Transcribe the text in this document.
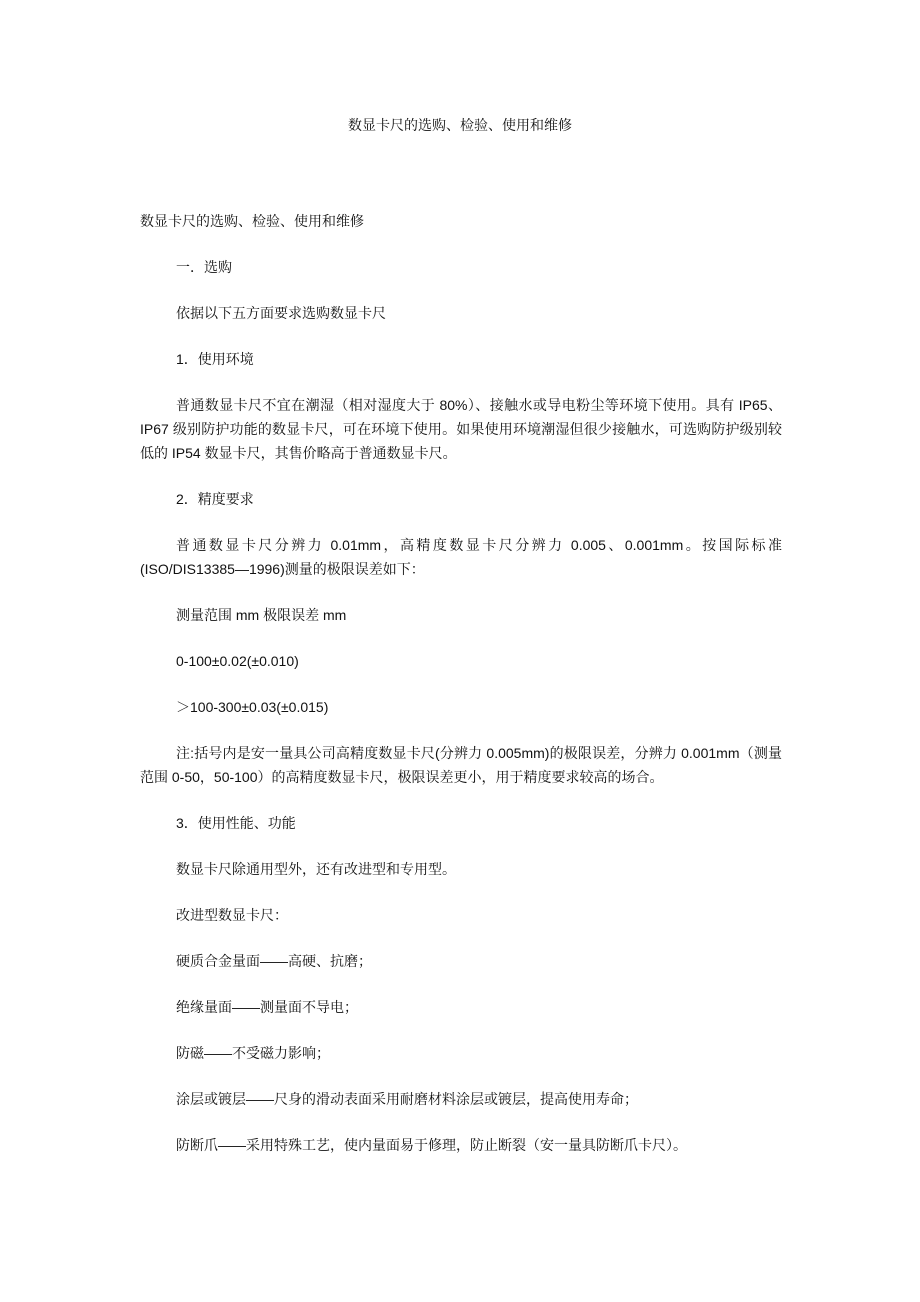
数显卡尺的选购、检验、使用和维修

数显卡尺的选购、检验、使用和维修

一．选购

依据以下五方面要求选购数显卡尺

1．使用环境

普通数显卡尺不宜在潮湿（相对湿度大于 80%）、接触水或导电粉尘等环境下使用。具有 IP65、IP67 级别防护功能的数显卡尺，可在环境下使用。如果使用环境潮湿但很少接触水，可选购防护级别较低的 IP54 数显卡尺，其售价略高于普通数显卡尺。

2．精度要求

普通数显卡尺分辨力 0.01mm，高精度数显卡尺分辨力 0.005、0.001mm。按国际标准 (ISO/DIS13385—1996)测量的极限误差如下：

测量范围 mm 极限误差 mm

0-100±0.02(±0.010)

＞100-300±0.03(±0.015)

注:括号内是安一量具公司高精度数显卡尺(分辨力 0.005mm)的极限误差，分辨力 0.001mm（测量范围 0-50，50-100）的高精度数显卡尺，极限误差更小，用于精度要求较高的场合。

3．使用性能、功能

数显卡尺除通用型外，还有改进型和专用型。

改进型数显卡尺：

硬质合金量面——高硬、抗磨；

绝缘量面——测量面不导电；

防磁——不受磁力影响；

涂层或镀层——尺身的滑动表面采用耐磨材料涂层或镀层，提高使用寿命；

防断爪——采用特殊工艺，使内量面易于修理，防止断裂（安一量具防断爪卡尺）。
